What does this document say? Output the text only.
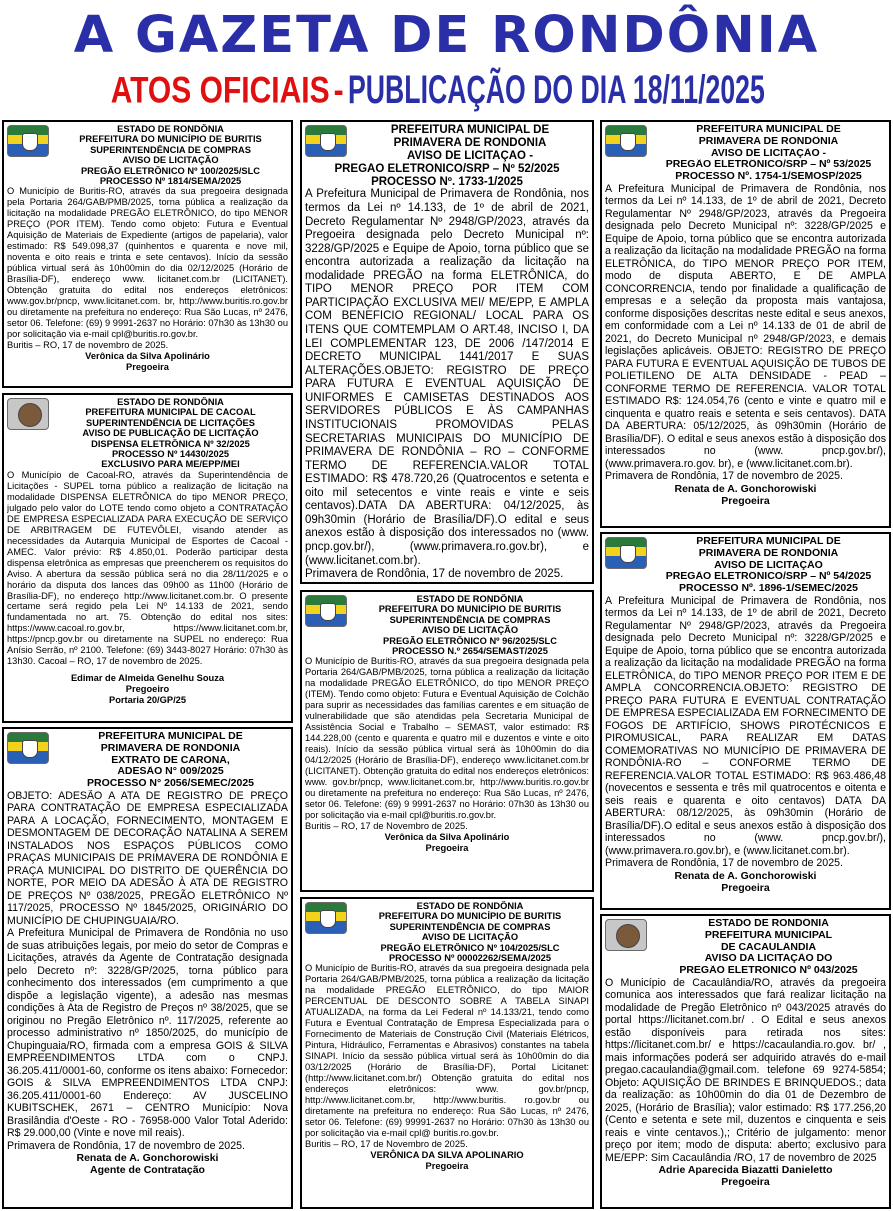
A GAZETA DE RONDÔNIA
ATOS OFICIAIS - PUBLICAÇÃO DO DIA 18/11/2025
ESTADO DE RONDÔNIA
PREFEITURA DO MUNICÍPIO DE BURITIS
SUPERINTENDÊNCIA DE COMPRAS
AVISO DE LICITAÇÃO
PREGÃO ELETRÔNICO Nº 100/2025/SLC
PROCESSO Nº 1814/SEMA/2025
O Município de Buritis-RO, através da sua pregoeira designada pela Portaria 264/GAB/PMB/2025, torna pública a realização da licitação na modalidade PREGÃO ELETRÔNICO, do tipo MENOR PREÇO (POR ITEM). Tendo como objeto: Futura e Eventual Aquisição de Materiais de Expediente (artigos de papelaria), valor estimado: R$ 549.098,37 (quinhentos e quarenta e nove mil, noventa e oito reais e trinta e sete centavos). Início da sessão pública virtual será às 10h00min do dia 02/12/2025 (Horário de Brasília-DF), endereço www. licitanet.com.br (LICITANET). Obtenção gratuita do edital nos endereços eletrônicos: www.gov.br/pncp, www.licitanet.com. br, http://www.buritis.ro.gov.br ou diretamente na prefeitura no endereço: Rua São Lucas, nº 2476, setor 06. Telefone: (69) 9 9991-2637 no Horário: 07h30 às 13h30 ou por solicitação via e-mail cpl@buritis.ro.gov.br.
Buritis – RO, 17 de novembro de 2025.
Verônica da Silva Apolinário
Pregoeira
ESTADO DE RONDÔNIA
PREFEITURA MUNICIPAL DE CACOAL
SUPERINTENDÊNCIA DE LICITAÇÕES
AVISO DE PUBLICAÇÃO DE LICITAÇÃO
DISPENSA ELETRÔNICA Nº 32/2025
PROCESSO Nº 14430/2025
EXCLUSIVO PARA ME/EPP/MEI
O Município de Cacoal-RO, através da Superintendência de Licitações - SUPEL torna público a realização de licitação na modalidade DISPENSA ELETRÔNICA do tipo MENOR PREÇO, julgado pelo valor do LOTE tendo como objeto a CONTRATAÇÃO DE EMPRESA ESPECIALIZADA PARA EXECUÇÃO DE SERVIÇO DE ARBITRAGEM DE FUTEVÔLEI, visando atender as necessidades da Autarquia Municipal de Esportes de Cacoal - AMEC. Valor prévio: R$ 4.850,01. Poderão participar desta dispensa eletrônica as empresas que preencherem os requisitos do Aviso. A abertura da sessão pública será no dia 28/11/2025 e o horário da disputa dos lances das 09h00 as 11h00 (Horário de Brasília-DF), no endereço http://www.licitanet.com.br. O presente certame será regido pela Lei Nº 14.133 de 2021, sendo fundamentada no art. 75. Obtenção do edital nos sites: https://www.cacoal.ro.gov.br, https://www.licitanet.com.br, https://pncp.gov.br ou diretamente na SUPEL no endereço: Rua Anísio Serrão, nº 2100. Telefone: (69) 3443-8027 Horário: 07h30 às 13h30. Cacoal – RO, 17 de novembro de 2025.
Edimar de Almeida Genelhu Souza
Pregoeiro
Portaria 20/GP/25
PREFEITURA MUNICIPAL DE
PRIMAVERA DE RONDÔNIA
EXTRATO DE CARONA,
ADESÃO N° 009/2025
PROCESSO N° 2056/SEMEC/2025
OBJETO: ADESÃO A ATA DE REGISTRO DE PREÇO PARA CONTRATAÇÃO DE EMPRESA ESPECIALIZADA PARA A LOCAÇÃO, FORNECIMENTO, MONTAGEM E DESMONTAGEM DE DECORAÇÃO NATALINA A SEREM INSTALADOS NOS ESPAÇOS PÚBLICOS COMO PRAÇAS MUNICIPAIS DE PRIMAVERA DE RONDÔNIA E PRAÇA MUNICIPAL DO DISTRITO DE QUERÊNCIA DO NORTE, POR MEIO DA ADESÃO À ATA DE REGISTRO DE PREÇOS Nº 038/2025, PREGÃO ELETRÔNICO Nº 117/2025, PROCESSO Nº 1845/2025, ORIGINÁRIO DO MUNICÍPIO DE CHUPINGUAIA/RO.
A Prefeitura Municipal de Primavera de Rondônia no uso de suas atribuições legais, por meio do setor de Compras e Licitações, através da Agente de Contratação designada pelo Decreto nº: 3228/GP/2025, torna público para conhecimento dos interessados (em cumprimento a que dispõe a legislação vigente), a adesão nas mesmas condições à Ata de Registro de Preços nº 38/2025, que se originou no Pregão Eletrônico nº. 117/2025, referente ao processo administrativo nº 1850/2025, do município de Chupinguaia/RO, firmada com a empresa GOIS & SILVA EMPREENDIMENTOS LTDA com o CNPJ. 36.205.411/0001-60, conforme os itens abaixo: Fornecedor: GOIS & SILVA EMPREENDIMENTOS LTDA CNPJ: 36.205.411/0001-60 Endereço: AV JUSCELINO KUBITSCHEK, 2671 – CENTRO Município: Nova Brasilândia d'Oeste - RO - 76958-000 Valor Total Aderido: R$ 29.000,00 (Vinte e nove mil reais).
Primavera de Rondônia, 17 de novembro de 2025.
Renata de A. Gonchorowiski
Agente de Contratação
PREFEITURA MUNICIPAL DE
PRIMAVERA DE RONDÔNIA
AVISO DE LICITAÇÃO -
PREGÃO ELETRÔNICO/SRP – Nº 52/2025
PROCESSO Nº. 1733-1/2025
A Prefeitura Municipal de Primavera de Rondônia, nos termos da Lei nº 14.133, de 1º de abril de 2021, Decreto Regulamentar Nº 2948/GP/2023, através da Pregoeira designada pelo Decreto Municipal nº: 3228/GP/2025 e Equipe de Apoio, torna público que se encontra autorizada a realização da licitação na modalidade PREGÃO na forma ELETRÔNICA, do TIPO MENOR PREÇO POR ITEM COM PARTICIPAÇÃO EXCLUSIVA MEI/ ME/EPP, E AMPLA COM BENEFICIO REGIONAL/ LOCAL PARA OS ITENS QUE COMTEMPLAM O ART.48, INCISO I, DA LEI COMPLEMENTAR 123, DE 2006 /147/2014 E DECRETO MUNICIPAL 1441/2017 E SUAS ALTERAÇÕES.OBJETO: REGISTRO DE PREÇO PARA FUTURA E EVENTUAL AQUISIÇÃO DE UNIFORMES E CAMISETAS DESTINADOS AOS SERVIDORES PÚBLICOS E ÀS CAMPANHAS INSTITUCIONAIS PROMOVIDAS PELAS SECRETARIAS MUNICIPAIS DO MUNICÍPIO DE PRIMAVERA DE RONDÔNIA – RO – CONFORME TERMO DE REFERENCIA.VALOR TOTAL ESTIMADO: R$ 478.720,26 (Quatrocentos e setenta e oito mil setecentos e vinte reais e vinte e seis centavos).DATA DA ABERTURA: 04/12/2025, às 09h30min (Horário de Brasília/DF).O edital e seus anexos estão à disposição dos interessados no (www. pncp.gov.br/), (www.primavera.ro.gov.br), e (www.licitanet.com.br).
Primavera de Rondônia, 17 de novembro de 2025.
ESTADO DE RONDÔNIA
PREFEITURA DO MUNICÍPIO DE BURITIS
SUPERINTENDÊNCIA DE COMPRAS
AVISO DE LICITAÇÃO
PREGÃO ELETRÔNICO Nº 96/2025/SLC
PROCESSO N.º 2654/SEMAST/2025
O Município de Buritis-RO, através da sua pregoeira designada pela Portaria 264/GAB/PMB/2025, torna pública a realização da licitação na modalidade PREGÃO ELETRÔNICO, do tipo MENOR PREÇO (ITEM). Tendo como objeto: Futura e Eventual Aquisição de Colchão para suprir as necessidades das famílias carentes e em situação de vulnerabilidade que são atendidas pela Secretaria Municipal de Assistência Social e Trabalho – SEMAST, valor estimado: R$ 144.228,00 (cento e quarenta e quatro mil e duzentos e vinte e oito reais). Início da sessão pública virtual será às 10h00min do dia 04/12/2025 (Horário de Brasília-DF), endereço www.licitanet.com.br (LICITANET). Obtenção gratuita do edital nos endereços eletrônicos: www. gov.br/pncp, www.licitanet.com.br, http://www.buritis.ro.gov.br ou diretamente na prefeitura no endereço: Rua São Lucas, nº 2476, setor 06. Telefone: (69) 9 9991-2637 no Horário: 07h30 às 13h30 ou por solicitação via e-mail cpl@buritis.ro.gov.br.
Buritis – RO, 17 de Novembro de 2025.
Verônica da Silva Apolinário
Pregoeira
ESTADO DE RONDÔNIA
PREFEITURA DO MUNICÍPIO DE BURITIS
SUPERINTENDÊNCIA DE COMPRAS
AVISO DE LICITAÇÃO
PREGÃO ELETRÔNICO Nº 104/2025/SLC
PROCESSO Nº 00002262/SEMA/2025
O Município de Buritis-RO, através da sua pregoeira designada pela Portaria 264/GAB/PMB/2025, torna pública a realização da licitação na modalidade PREGÃO ELETRÔNICO, do tipo MAIOR PERCENTUAL DE DESCONTO SOBRE A TABELA SINAPI ATUALIZADA, na forma da Lei Federal nº 14.133/21, tendo como Futura e Eventual Contratação de Empresa Especializada para o Fornecimento de Materiais de Construção Civil (Materiais Elétricos, Pintura, Hidráulico, Ferramentas e Abrasivos) constantes na tabela SINAPI. Início da sessão pública virtual será às 10h00min do dia 03/12/2025 (Horário de Brasília-DF), Portal Licitanet: (http://www.licitanet.com.br/) Obtenção gratuita do edital nos endereços eletrônicos: www. gov.br/pncp, http://www.licitanet.com.br, http://www.buritis. ro.gov.br ou diretamente na prefeitura no endereço: Rua São Lucas, nº 2476, setor 06. Telefone: (69) 99991-2637 no Horário: 07h30 às 13h30 ou por solicitação via e-mail cpl@ buritis.ro.gov.br.
Buritis – RO, 17 de Novembro de 2025.
VERÔNICA DA SILVA APOLINARIO
Pregoeira
PREFEITURA MUNICIPAL DE
PRIMAVERA DE RONDÔNIA
AVISO DE LICITAÇÃO -
PREGÃO ELETRÔNICO/SRP – Nº 53/2025
PROCESSO Nº. 1754-1/SEMOSP/2025
A Prefeitura Municipal de Primavera de Rondônia, nos termos da Lei nº 14.133, de 1º de abril de 2021, Decreto Regulamentar Nº 2948/GP/2023, através da Pregoeira designada pelo Decreto Municipal nº: 3228/GP/2025 e Equipe de Apoio, torna público que se encontra autorizada a realização da licitação na modalidade PREGÃO na forma ELETRÔNICA, do TIPO MENOR PREÇO POR ITEM, modo de disputa ABERTO, E DE AMPLA CONCORRENCIA, tendo por finalidade a qualificação de empresas e a seleção da proposta mais vantajosa, conforme disposições descritas neste edital e seus anexos, em conformidade com a Lei nº 14.133 de 01 de abril de 2021, do Decreto Municipal nº 2948/GP/2023, e demais legislações aplicáveis. OBJETO: REGISTRO DE PREÇO PARA FUTURA E EVENTUAL AQUISIÇÃO DE TUBOS DE POLIETILENO DE ALTA DENSIDADE - PEAD – CONFORME TERMO DE REFERENCIA. VALOR TOTAL ESTIMADO R$: 124.054,76 (cento e vinte e quatro mil e cinquenta e quatro reais e setenta e seis centavos). DATA DA ABERTURA: 05/12/2025, às 09h30min (Horário de Brasília/DF). O edital e seus anexos estão à disposição dos interessados no (www. pncp.gov.br/), (www.primavera.ro.gov. br), e (www.licitanet.com.br).
Primavera de Rondônia, 17 de novembro de 2025.
Renata de A. Gonchorowiski
Pregoeira
PREFEITURA MUNICIPAL DE
PRIMAVERA DE RONDÔNIA
AVISO DE LICITAÇÃO
PREGÃO ELETRÔNICO/SRP – Nº 54/2025
PROCESSO Nº. 1896-1/SEMEC/2025
A Prefeitura Municipal de Primavera de Rondônia, nos termos da Lei nº 14.133, de 1º de abril de 2021, Decreto Regulamentar Nº 2948/GP/2023, através da Pregoeira designada pelo Decreto Municipal nº: 3228/GP/2025 e Equipe de Apoio, torna público que se encontra autorizada a realização da licitação na modalidade PREGÃO na forma ELETRÔNICA, do TIPO MENOR PREÇO POR ITEM E DE AMPLA CONCORRENCIA.OBJETO: REGISTRO DE PREÇO PARA FUTURA E EVENTUAL CONTRATAÇÃO DE EMPRESA ESPECIALIZADA EM FORNECIMENTO DE FOGOS DE ARTIFÍCIO, SHOWS PIROTÉCNICOS E PIROMUSICAL, PARA REALIZAR EM DATAS COMEMORATIVAS NO MUNICÍPIO DE PRIMAVERA DE RONDÔNIA-RO – CONFORME TERMO DE REFERENCIA.VALOR TOTAL ESTIMADO: R$ 963.486,48 (novecentos e sessenta e três mil quatrocentos e oitenta e seis reais e quarenta e oito centavos) DATA DA ABERTURA: 08/12/2025, às 09h30min (Horário de Brasília/DF).O edital e seus anexos estão à disposição dos interessados no (www. pncp.gov.br/), (www.primavera.ro.gov.br), e (www.licitanet.com.br).
Primavera de Rondônia, 17 de novembro de 2025.
Renata de A. Gonchorowiski
Pregoeira
ESTADO DE RONDÔNIA
PREFEITURA MUNICIPAL
DE CACAULÂNDIA
AVISO DA LICITAÇÃO DO
PREGÃO ELETRONICO Nº 043/2025
O Município de Cacaulândia/RO, através da pregoeira comunica aos interessados que fará realizar licitação na modalidade de Pregão Eletrônico nº 043/2025 através do portal https://licitanet.com.br/ . O Edital e seus anexos estão disponíveis para retirada nos sites: https://licitanet.com.br/ e https://cacaulandia.ro.gov. br/ , mais informações poderá ser adquirido através do e-mail pregao.cacaulandia@gmail.com. telefone 69 9274-5854; Objeto: AQUISIÇÃO DE BRINDES E BRINQUEDOS.; data da realização: as 10h00min do dia 01 de Dezembro de 2025, (Horário de Brasília); valor estimado: R$ 177.256,20 (Cento e setenta e sete mil, duzentos e cinquenta e seis reais e vinte centavos.),; Critério de julgamento: menor preço por item; modo de disputa: aberto; exclusivo para ME/EPP: Sim Cacaulândia /RO, 17 de novembro de 2025
Adrie Aparecida Biazatti Danieletto
Pregoeira
